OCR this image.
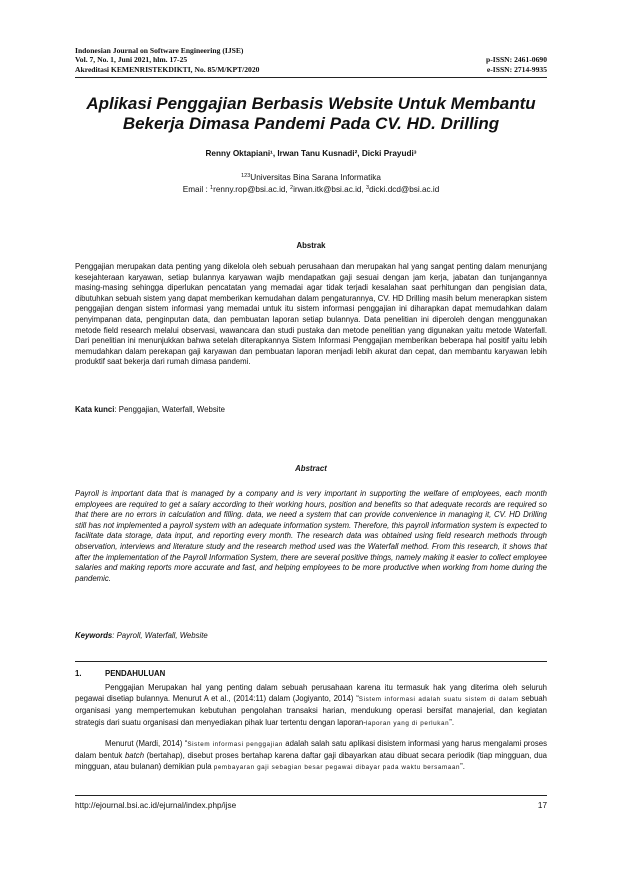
Indonesian Journal on Software Engineering (IJSE)
Vol. 7, No. 1, Juni 2021, hlm. 17-25	p-ISSN: 2461-0690
Akreditasi KEMENRISTEKDIKTI, No. 85/M/KPT/2020	e-ISSN: 2714-9935
Aplikasi Penggajian Berbasis Website Untuk Membantu Bekerja Dimasa Pandemi Pada CV. HD. Drilling
Renny Oktapiani¹, Irwan Tanu Kusnadi², Dicki Prayudi³
$^{123}$Universitas Bina Sarana Informatika
Email : $^1$renny.rop@bsi.ac.id, $^2$irwan.itk@bsi.ac.id, $^3$dicki.dcd@bsi.ac.id
Abstrak

Penggajian merupakan data penting yang dikelola oleh sebuah perusahaan dan merupakan hal yang sangat penting dalam menunjang kesejahteraan karyawan, setiap bulannya karyawan wajib mendapatkan gaji sesuai dengan jam kerja, jabatan dan tunjangannya masing-masing sehingga diperlukan pencatatan yang memadai agar tidak terjadi kesalahan saat perhitungan dan pengisian data, dibutuhkan sebuah sistem yang dapat memberikan kemudahan dalam pengaturannya, CV. HD Drilling masih belum menerapkan sistem penggajian dengan sistem informasi yang memadai untuk itu sistem informasi penggajian ini diharapkan dapat memudahkan dalam penyimpanan data, penginputan data, dan pembuatan laporan setiap bulannya. Data penelitian ini diperoleh dengan menggunakan metode field research melalui observasi, wawancara dan studi pustaka dan metode penelitian yang digunakan yaitu metode Waterfall. Dari penelitian ini menunjukkan bahwa setelah diterapkannya Sistem Informasi Penggajian memberikan beberapa hal positif yaitu lebih memudahkan dalam perekapan gaji karyawan dan pembuatan laporan menjadi lebih akurat dan cepat, dan membantu karyawan lebih produktif saat bekerja dari rumah dimasa pandemi.

Kata kunci: Penggajian, Waterfall, Website

Abstract

Payroll is important data that is managed by a company and is very important in supporting the welfare of employees, each month employees are required to get a salary according to their working hours, position and benefits so that adequate records are required so that there are no errors in calculation and filling. data, we need a system that can provide convenience in managing it, CV. HD Drilling still has not implemented a payroll system with an adequate information system. Therefore, this payroll information system is expected to facilitate data storage, data input, and reporting every month. The research data was obtained using field research methods through observation, interviews and literature study and the research method used was the Waterfall method. From this research, it shows that after the implementation of the Payroll Information System, there are several positive things, namely making it easier to collect employee salaries and making reports more accurate and fast, and helping employees to be more productive when working from home during the pandemic.

Keywords: Payroll, Waterfall, Website

1.	PENDAHULUAN

Penggajian Merupakan hal yang penting dalam sebuah perusahaan karena itu termasuk hak yang diterima oleh seluruh pegawai disetiap bulannya. Menurut A et al., (2014:11) dalam (Jogiyanto, 2014) “Sistem informasi adalah suatu sistem di dalam sebuah organisasi yang mempertemukan kebutuhan pengolahan transaksi harian, mendukung operasi bersifat manajerial, dan kegiatan strategis dari suatu organisasi dan menyediakan pihak luar tertentu dengan laporan-laporan yang di perlukan”.

Menurut (Mardi, 2014) “Sistem informasi penggajian adalah salah satu aplikasi disistem informasi yang harus mengalami proses dalam bentuk batch (bertahap), disebut proses bertahap karena daftar gaji dibayarkan atau dibuat secara periodik (tiap mingguan, dua mingguan, atau bulanan) demikian pula pembayaran gaji sebagian besar pegawai dibayar pada waktu bersamaan”.

http://ejournal.bsi.ac.id/ejurnal/index.php/ijse	17
